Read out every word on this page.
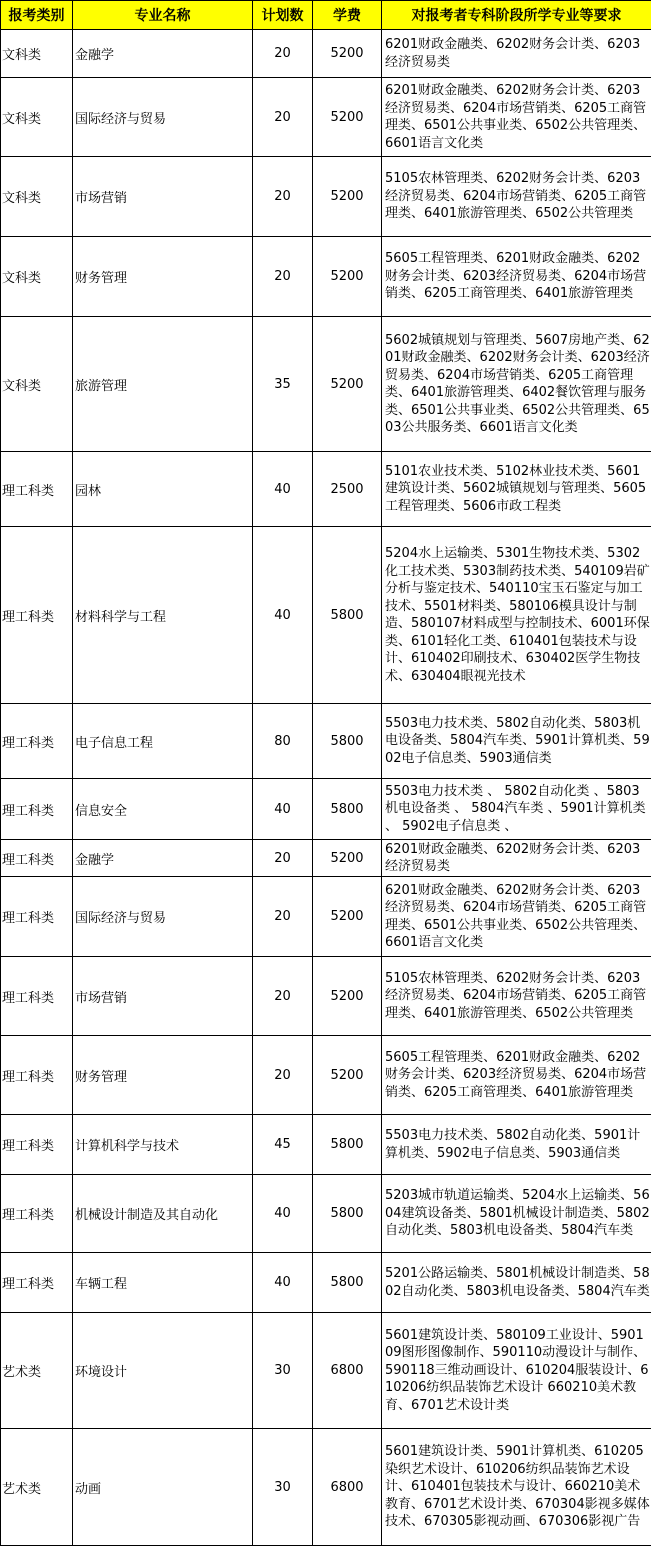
报考类别	专业名称	计划数	学费	对报考者专科阶段所学专业等要求
文科类	金融学	20	5200	6201财政金融类、6202财务会计类、6203经济贸易类
文科类	国际经济与贸易	20	5200	6201财政金融类、6202财务会计类、6203经济贸易类、6204市场营销类、6205工商管理类、6501公共事业类、6502公共管理类、6601语言文化类
文科类	市场营销	20	5200	5105农林管理类、6202财务会计类、6203经济贸易类、6204市场营销类、6205工商管理类、6401旅游管理类、6502公共管理类
文科类	财务管理	20	5200	5605工程管理类、6201财政金融类、6202财务会计类、6203经济贸易类、6204市场营销类、6205工商管理类、6401旅游管理类
文科类	旅游管理	35	5200	5602城镇规划与管理类、5607房地产类、6201财政金融类、6202财务会计类、6203经济贸易类、6204市场营销类、6205工商管理类、6401旅游管理类、6402餐饮管理与服务类、6501公共事业类、6502公共管理类、6503公共服务类、6601语言文化类
理工科类	园林	40	2500	5101农业技术类、5102林业技术类、5601建筑设计类、5602城镇规划与管理类、5605工程管理类、5606市政工程类
理工科类	材料科学与工程	40	5800	5204水上运输类、5301生物技术类、5302化工技术类、5303制药技术类、540109岩矿分析与鉴定技术、540110宝玉石鉴定与加工技术、5501材料类、580106模具设计与制造、580107材料成型与控制技术、6001环保类、6101轻化工类、610401包装技术与设计、610402印刷技术、630402医学生物技术、630404眼视光技术
理工科类	电子信息工程	80	5800	5503电力技术类、5802自动化类、5803机电设备类、5804汽车类、5901计算机类、5902电子信息类、5903通信类
理工科类	信息安全	40	5800	5503电力技术类 、 5802自动化类 、5803机电设备类 、 5804汽车类 、5901计算机类 、 5902电子信息类 、
理工科类	金融学	20	5200	6201财政金融类、6202财务会计类、6203经济贸易类
理工科类	国际经济与贸易	20	5200	6201财政金融类、6202财务会计类、6203经济贸易类、6204市场营销类、6205工商管理类、6501公共事业类、6502公共管理类、6601语言文化类
理工科类	市场营销	20	5200	5105农林管理类、6202财务会计类、6203经济贸易类、6204市场营销类、6205工商管理类、6401旅游管理类、6502公共管理类
理工科类	财务管理	20	5200	5605工程管理类、6201财政金融类、6202财务会计类、6203经济贸易类、6204市场营销类、6205工商管理类、6401旅游管理类
理工科类	计算机科学与技术	45	5800	5503电力技术类、5802自动化类、5901计算机类、5902电子信息类、5903通信类
理工科类	机械设计制造及其自动化	40	5800	5203城市轨道运输类、5204水上运输类、5604建筑设备类、5801机械设计制造类、5802自动化类、5803机电设备类、5804汽车类
理工科类	车辆工程	40	5800	5201公路运输类、5801机械设计制造类、5802自动化类、5803机电设备类、5804汽车类
艺术类	环境设计	30	6800	5601建筑设计类、580109工业设计、590109图形图像制作、590110动漫设计与制作、590118三维动画设计、610204服装设计、610206纺织品装饰艺术设计 660210美术教育、6701艺术设计类
艺术类	动画	30	6800	5601建筑设计类、5901计算机类、610205染织艺术设计、610206纺织品装饰艺术设计、610401包装技术与设计、660210美术教育、6701艺术设计类、670304影视多媒体技术、670305影视动画、670306影视广告
